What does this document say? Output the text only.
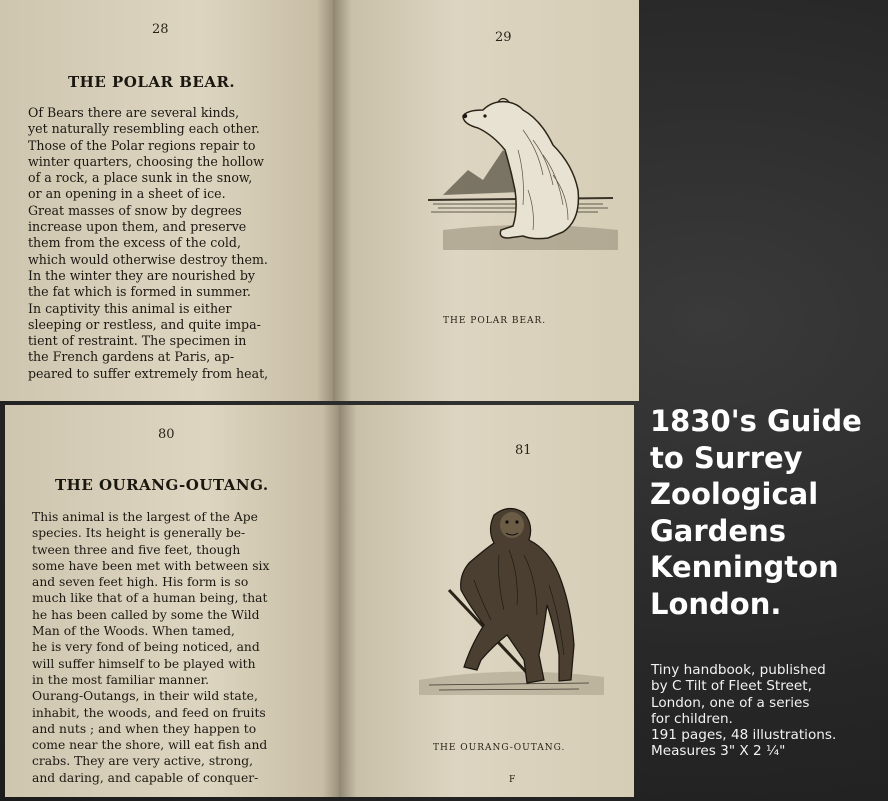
28
THE POLAR BEAR.
Of Bears there are several kinds,
yet naturally resembling each other.
Those of the Polar regions repair to
winter quarters, choosing the hollow
of a rock, a place sunk in the snow,
or an opening in a sheet of ice.
Great masses of snow by degrees
increase upon them, and preserve
them from the excess of the cold,
which would otherwise destroy them.
In the winter they are nourished by
the fat which is formed in summer.
In captivity this animal is either
sleeping or restless, and quite impa-
tient of restraint. The specimen in
the French gardens at Paris, ap-
peared to suffer extremely from heat,
29
THE POLAR BEAR.
80
THE OURANG-OUTANG.
This animal is the largest of the Ape
species. Its height is generally be-
tween three and five feet, though
some have been met with between six
and seven feet high. His form is so
much like that of a human being, that
he has been called by some the Wild
Man of the Woods. When tamed,
he is very fond of being noticed, and
will suffer himself to be played with
in the most familiar manner.
Ourang-Outangs, in their wild state,
inhabit, the woods, and feed on fruits
and nuts ; and when they happen to
come near the shore, will eat fish and
crabs. They are very active, strong,
and daring, and capable of conquer-
81
THE OURANG-OUTANG.
F
1830's Guide
to Surrey
Zoological
Gardens
Kennington
London.
Tiny handbook, published
by C Tilt of Fleet Street,
London, one of a series
for children.
191 pages, 48 illustrations.
Measures 3" X 2 ¼"
